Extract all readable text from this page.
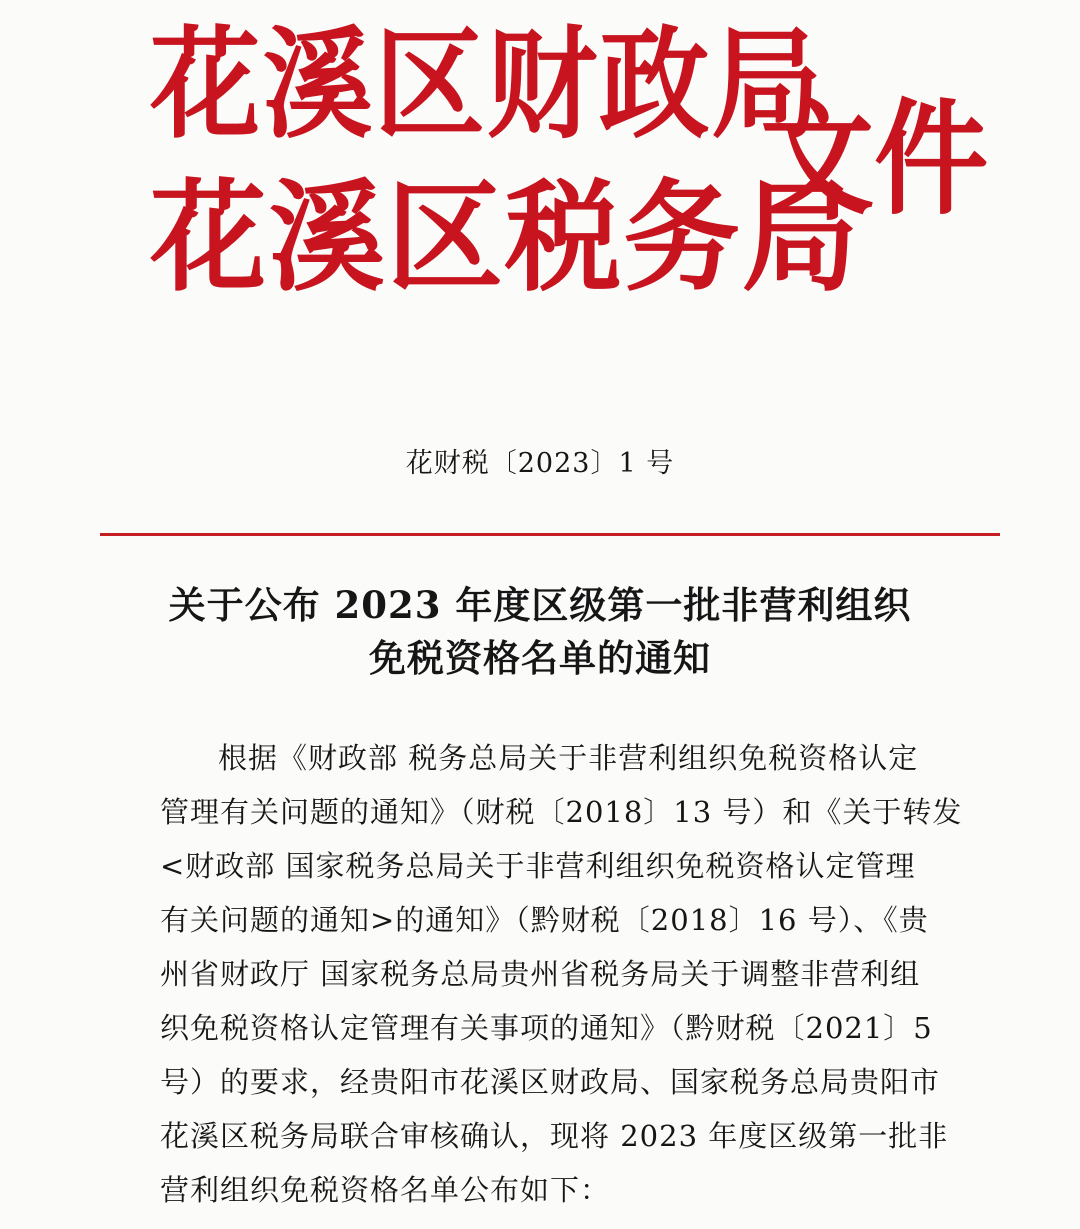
花溪区财政局
花溪区税务局
文件
花财税〔2023〕1 号
关于公布 2023 年度区级第一批非营利组织
免税资格名单的通知
根据《财政部 税务总局关于非营利组织免税资格认定
管理有关问题的通知》（财税〔2018〕13 号）和《关于转发
<财政部 国家税务总局关于非营利组织免税资格认定管理
有关问题的通知>的通知》（黔财税〔2018〕16 号）、《贵
州省财政厅 国家税务总局贵州省税务局关于调整非营利组
织免税资格认定管理有关事项的通知》（黔财税〔2021〕5
号）的要求，经贵阳市花溪区财政局、国家税务总局贵阳市
花溪区税务局联合审核确认，现将 2023 年度区级第一批非
营利组织免税资格名单公布如下：
